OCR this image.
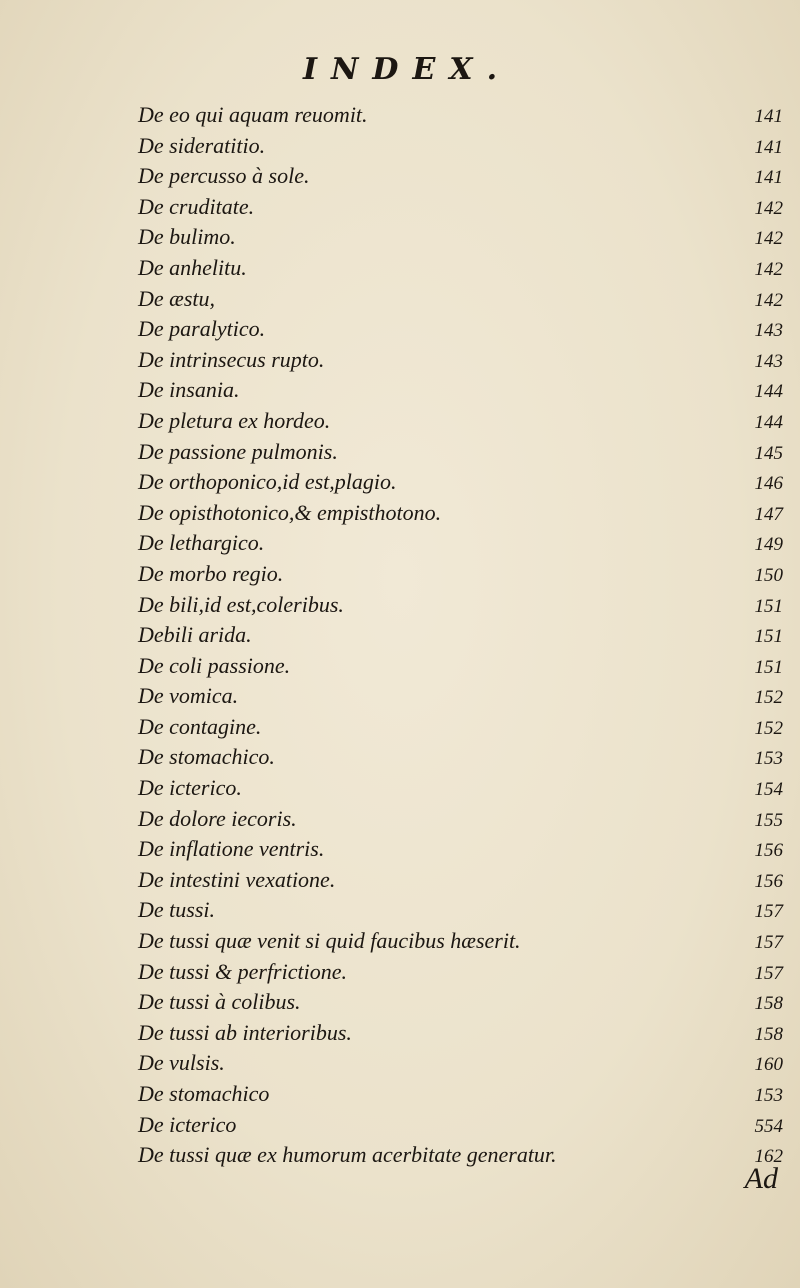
INDEX.
De eo qui aquam reuomit.	141
De sideratitio.	141
De percusso à sole.	141
De cruditate.	142
De bulimo.	142
De anhelitu.	142
De æstu,	142
De paralytico.	143
De intrinsecus rupto.	143
De insania.	144
De pletura ex hordeo.	144
De passione pulmonis.	145
De orthoponico,id est,plagio.	146
De opisthotonico,& empisthotono.	147
De lethargico.	149
De morbo regio.	150
De bili,id est,coleribus.	151
Debili arida.	151
De coli passione.	151
De vomica.	152
De contagine.	152
De stomachico.	153
De icterico.	154
De dolore iecoris.	155
De inflatione ventris.	156
De intestini vexatione.	156
De tussi.	157
De tussi quæ venit si quid faucibus hæserit.	157
De tussi & perfrictione.	157
De tussi à colibus.	158
De tussi ab interioribus.	158
De vulsis.	160
De stomachico	153
De icterico	554
De tussi quæ ex humorum acerbitate generatur.	162
Ad
